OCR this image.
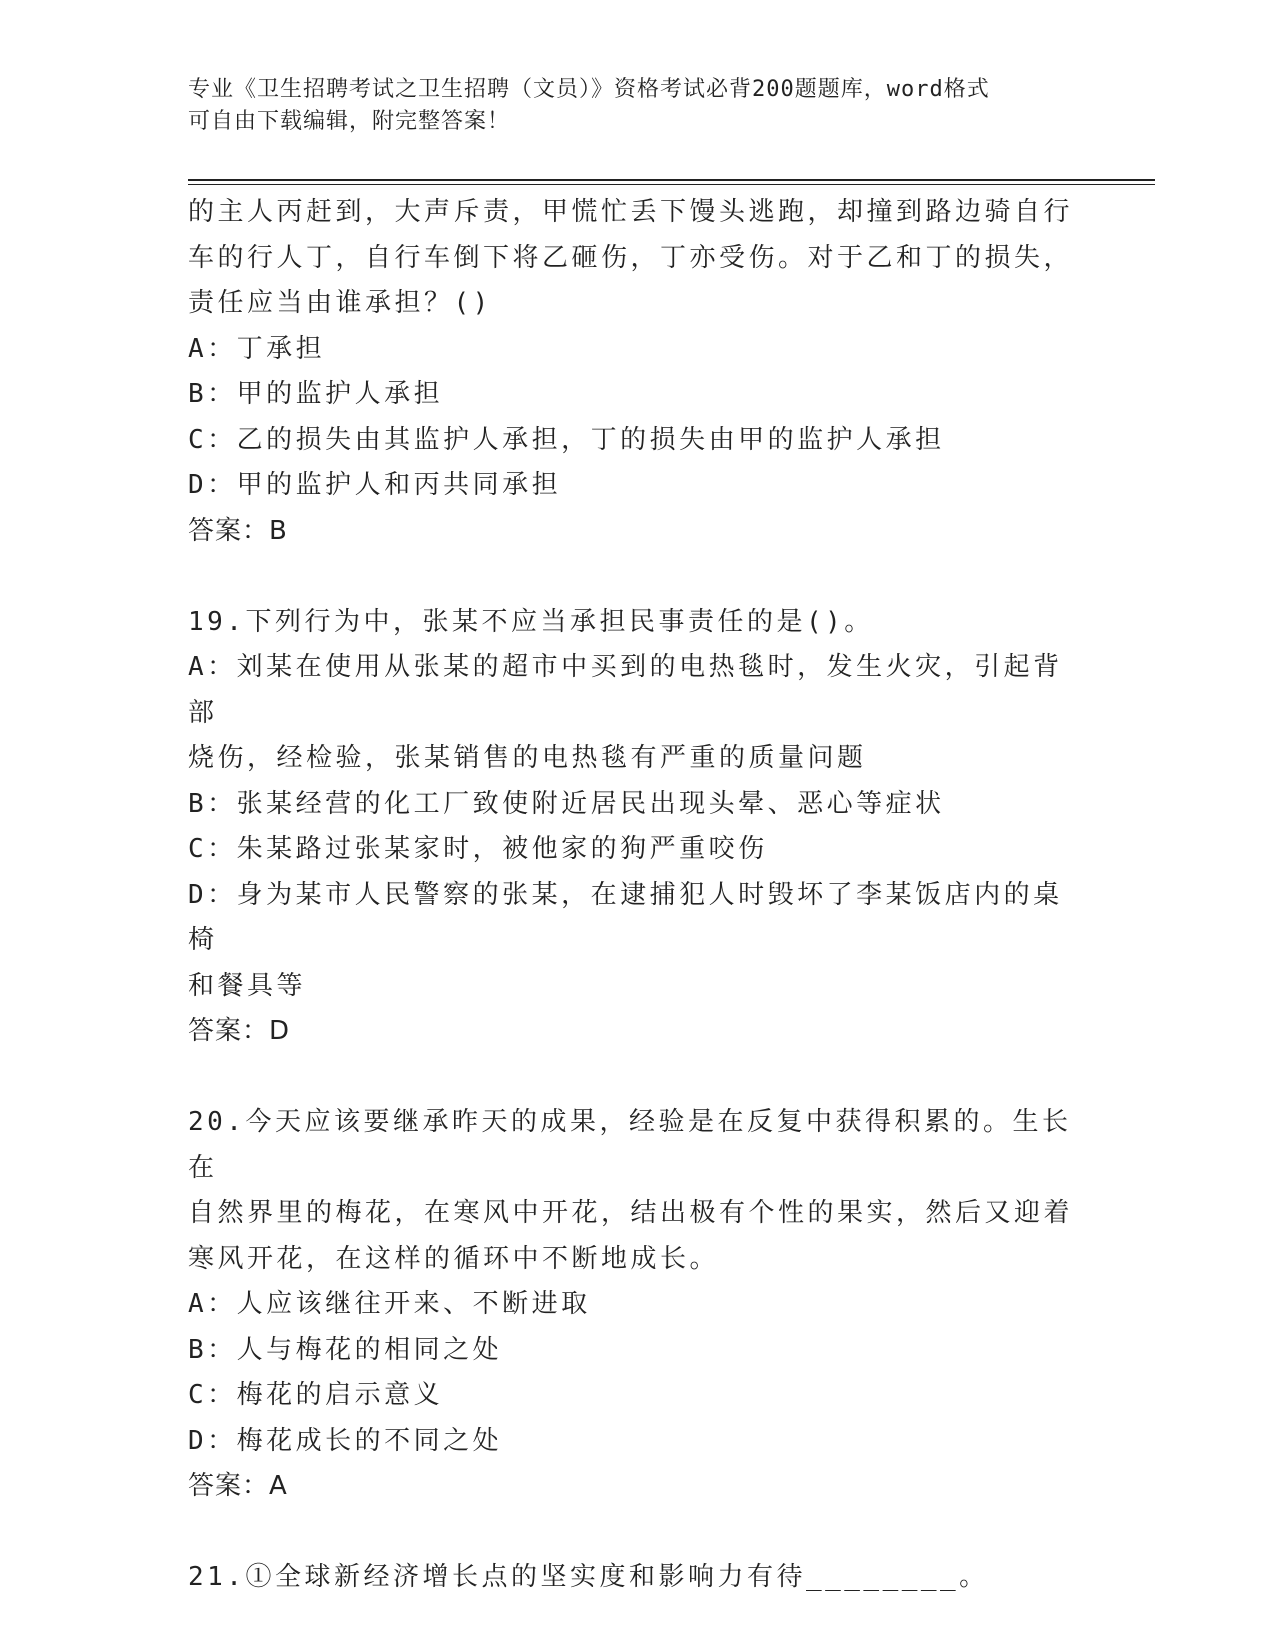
专业《卫生招聘考试之卫生招聘（文员）》资格考试必背200题题库，word格式
可自由下载编辑，附完整答案！

的主人丙赶到，大声斥责，甲慌忙丢下馒头逃跑，却撞到路边骑自行

车的行人丁，自行车倒下将乙砸伤，丁亦受伤。对于乙和丁的损失，

责任应当由谁承担？()

A：丁承担

B：甲的监护人承担

C：乙的损失由其监护人承担，丁的损失由甲的监护人承担

D：甲的监护人和丙共同承担

答案：B

19.下列行为中，张某不应当承担民事责任的是()。

A：刘某在使用从张某的超市中买到的电热毯时，发生火灾，引起背部

烧伤，经检验，张某销售的电热毯有严重的质量问题

B：张某经营的化工厂致使附近居民出现头晕、恶心等症状

C：朱某路过张某家时，被他家的狗严重咬伤

D：身为某市人民警察的张某，在逮捕犯人时毁坏了李某饭店内的桌椅

和餐具等

答案：D

20.今天应该要继承昨天的成果，经验是在反复中获得积累的。生长在

自然界里的梅花，在寒风中开花，结出极有个性的果实，然后又迎着

寒风开花，在这样的循环中不断地成长。

A：人应该继往开来、不断进取

B：人与梅花的相同之处

C：梅花的启示意义

D：梅花成长的不同之处

答案：A

21.①全球新经济增长点的坚实度和影响力有待________。
